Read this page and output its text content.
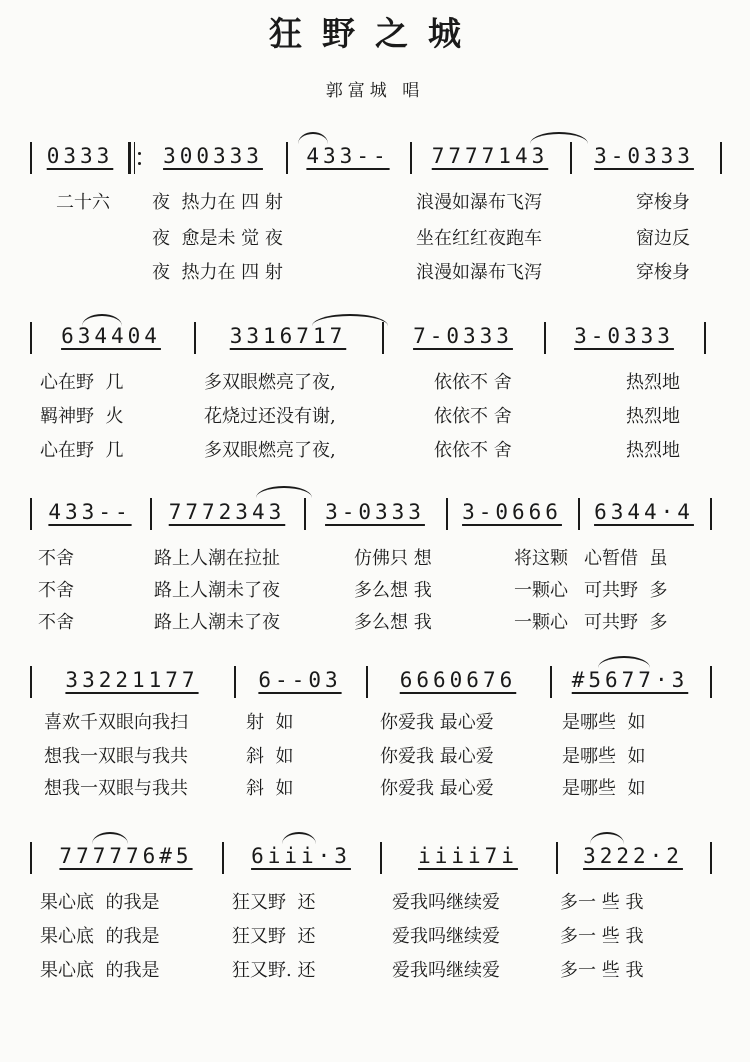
狂野之城
郭富城 唱
0333	300333	433--	7777143	3-0333
二十六 夜  热力在 四 射	浪漫如瀑布飞泻	穿梭身
夜  愈是未 觉 夜	坐在红红夜跑车	窗边反
夜  热力在 四 射	浪漫如瀑布飞泻	穿梭身
634404	3316717	7-0333	3-0333
心在野  几	多双眼燃亮了夜,	依依不 舍	热烈地
羁神野  火	花烧过还没有谢,	依依不 舍	热烈地
心在野  几	多双眼燃亮了夜,	依依不 舍	热烈地
433--	7772343	3-0333	3-0666	6344·4
不舍	路上人潮在拉扯	仿佛只 想	将这颗 心暂借  虽
不舍	路上人潮未了夜	多么想 我	一颗心 可共野  多
不舍	路上人潮未了夜	多么想 我	一颗心 可共野  多
33221177	6--03	6660676	#5677·3
喜欢千双眼向我扫	射  如	你爱我 最心爱	是哪些  如
想我一双眼与我共	斜  如	你爱我 最心爱	是哪些  如
想我一双眼与我共	斜  如	你爱我 最心爱	是哪些  如
777776#5	6iii·3	iiii7i	3222·2
果心底  的我是	狂又野  还	爱我吗继续爱	多一 些 我
果心底  的我是	狂又野  还	爱我吗继续爱	多一 些 我
果心底  的我是	狂又野. 还	爱我吗继续爱	多一 些 我
